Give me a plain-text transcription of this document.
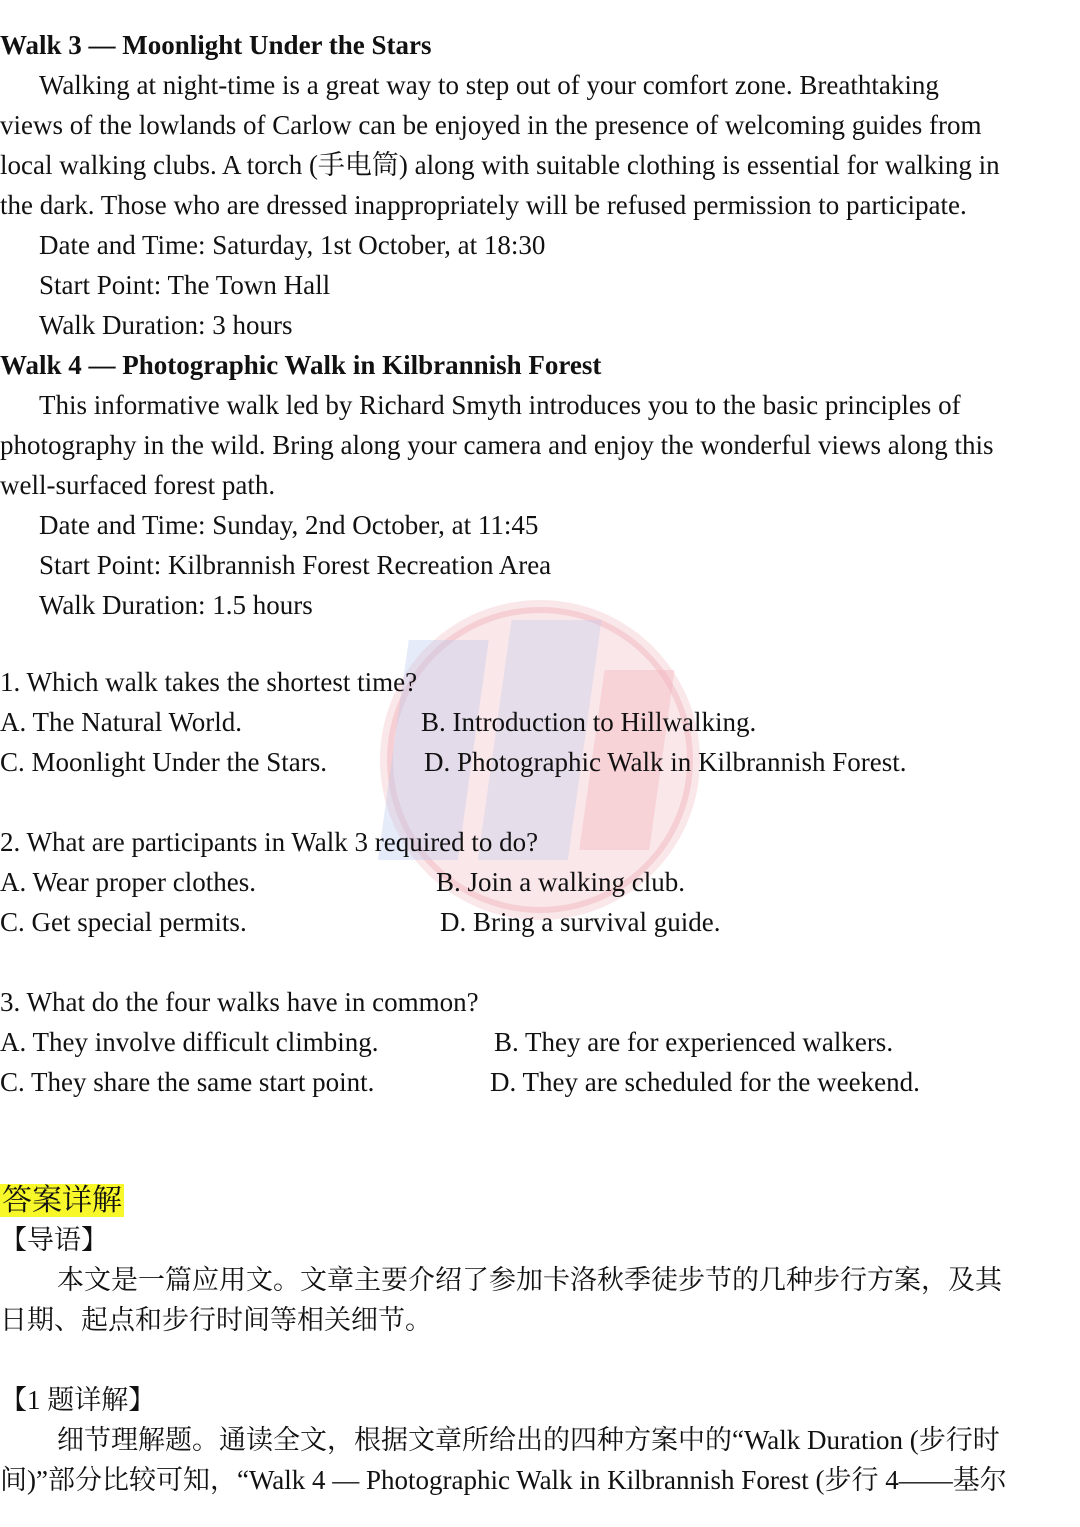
Walk 3 — Moonlight Under the Stars
Walking at night-time is a great way to step out of your comfort zone. Breathtaking
views of the lowlands of Carlow can be enjoyed in the presence of welcoming guides from
local walking clubs. A torch (手电筒) along with suitable clothing is essential for walking in
the dark. Those who are dressed inappropriately will be refused permission to participate.
Date and Time: Saturday, 1st October, at 18:30
Start Point: The Town Hall
Walk Duration: 3 hours
Walk 4 — Photographic Walk in Kilbrannish Forest
This informative walk led by Richard Smyth introduces you to the basic principles of
photography in the wild. Bring along your camera and enjoy the wonderful views along this
well-surfaced forest path.
Date and Time: Sunday, 2nd October, at 11:45
Start Point: Kilbrannish Forest Recreation Area
Walk Duration: 1.5 hours
1. Which walk takes the shortest time?
A. The Natural World.	B. Introduction to Hillwalking.
C. Moonlight Under the Stars.	D. Photographic Walk in Kilbrannish Forest.
2. What are participants in Walk 3 required to do?
A. Wear proper clothes.	B. Join a walking club.
C. Get special permits.	D. Bring a survival guide.
3. What do the four walks have in common?
A. They involve difficult climbing.	B. They are for experienced walkers.
C. They share the same start point.	D. They are scheduled for the weekend.
答案详解
【导语】
本文是一篇应用文。文章主要介绍了参加卡洛秋季徒步节的几种步行方案，及其
日期、起点和步行时间等相关细节。
【1 题详解】
细节理解题。通读全文，根据文章所给出的四种方案中的“Walk Duration (步行时
间)”部分比较可知，“Walk 4 — Photographic Walk in Kilbrannish Forest (步行 4——基尔
